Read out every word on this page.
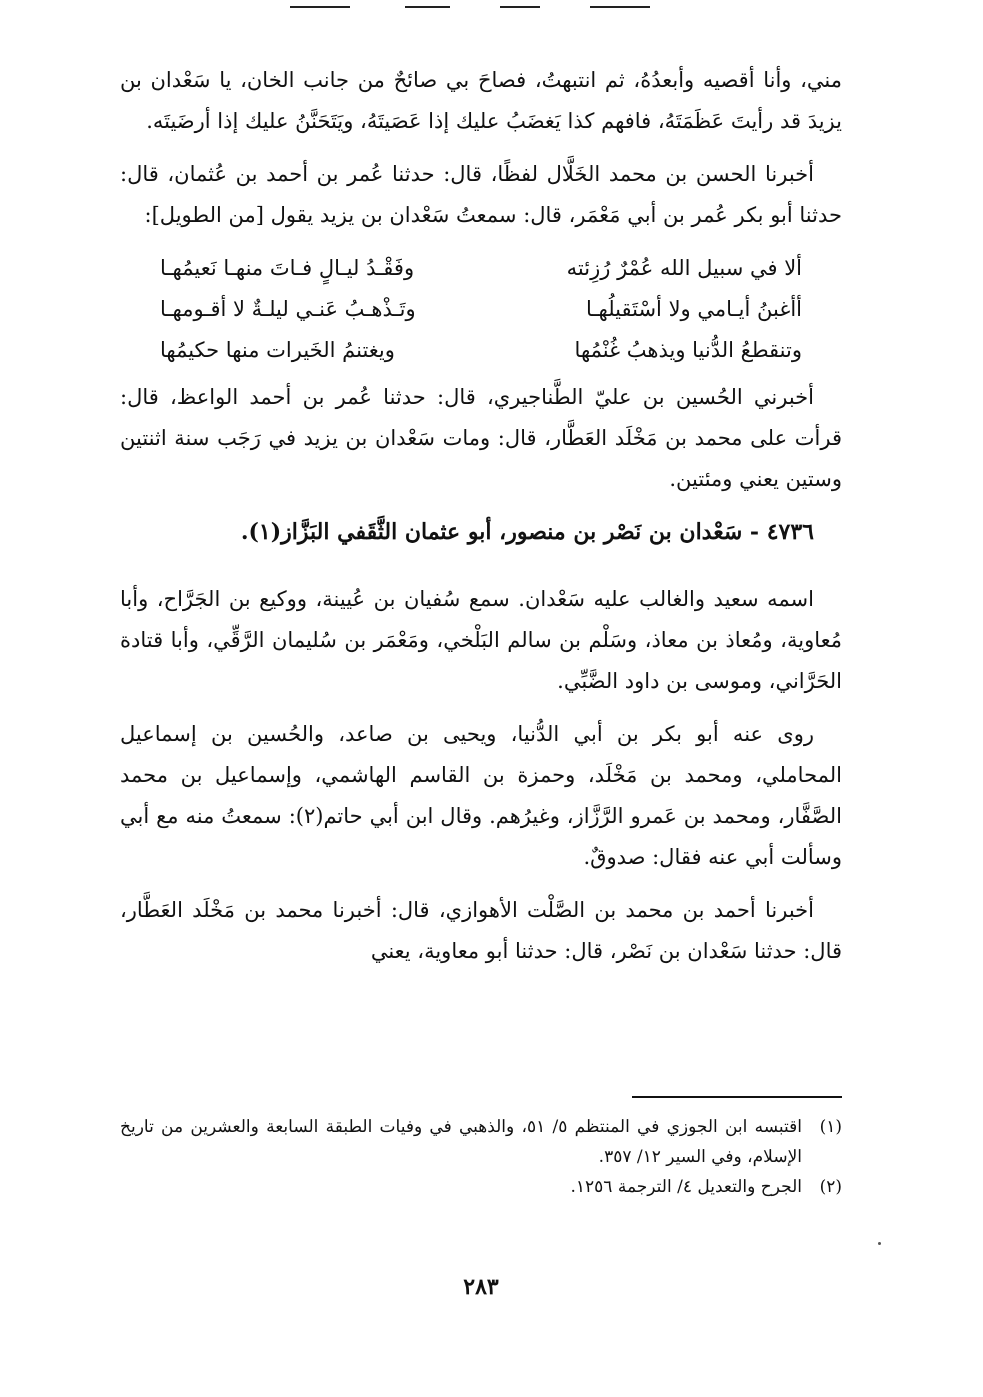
مني، وأنا أقصيه وأبعدُهُ، ثم انتبهتُ، فصاحَ بي صائحٌ من جانب الخان، يا سَعْدان بن يزيدَ قد رأيتَ عَظَمَتَهُ، فافهم كذا يَغضَبُ عليك إذا عَصَيتَهُ، ويَتَحَنَّنُ عليك إذا أرضَيتَه.

أخبرنا الحسن بن محمد الخَلَّال لفظًا، قال: حدثنا عُمر بن أحمد بن عُثمان، قال: حدثنا أبو بكر عُمر بن أبي مَعْمَر، قال: سمعتُ سَعْدان بن يزيد يقول [من الطويل]:

ألا في سبيل الله عُمْرٌ رُزِئته
وفَقْـدُ ليـالٍ فـاتَ منهـا نَعيمُهـا
أأغبنُ أيـامي ولا أسْتَقيلُهـا
وتَـذْهـبُ عَنـي ليلـةٌ لا أقـومهـا
وتنقطعُ الدُّنيا ويذهبُ غُنْمُها
ويغتنمُ الخَيرات منها حكيمُها

أخبرني الحُسين بن عليّ الطَّناجيري، قال: حدثنا عُمر بن أحمد الواعظ، قال: قرأت على محمد بن مَخْلَد العَطَّار، قال: ومات سَعْدان بن يزيد في رَجَب سنة اثنتين وستين يعني ومئتين.

٤٧٣٦ - سَعْدان بن نَصْر بن منصور، أبو عثمان الثَّقَفي البَزَّاز(١).

اسمه سعيد والغالب عليه سَعْدان. سمع سُفيان بن عُيينة، ووكيع بن الجَرَّاح، وأبا مُعاوية، ومُعاذ بن معاذ، وسَلْم بن سالم البَلْخي، ومَعْمَر بن سُليمان الرَّقِّي، وأبا قتادة الحَرَّاني، وموسى بن داود الضَّبِّي.

روى عنه أبو بكر بن أبي الدُّنيا، ويحيى بن صاعد، والحُسين بن إسماعيل المحاملي، ومحمد بن مَخْلَد، وحمزة بن القاسم الهاشمي، وإسماعيل بن محمد الصَّفَّار، ومحمد بن عَمرو الرَّزَّاز، وغيرُهم. وقال ابن أبي حاتم(٢): سمعتُ منه مع أبي وسألت أبي عنه فقال: صدوقٌ.

أخبرنا أحمد بن محمد بن الصَّلْت الأهوازي، قال: أخبرنا محمد بن مَخْلَد العَطَّار، قال: حدثنا سَعْدان بن نَصْر، قال: حدثنا أبو معاوية، يعني

(١)
اقتبسه ابن الجوزي في المنتظم ٥/ ٥١، والذهبي في وفيات الطبقة السابعة والعشرين من تاريخ الإسلام، وفي السير ١٢/ ٣٥٧.
(٢)
الجرح والتعديل ٤/ الترجمة ١٢٥٦.
٢٨٣
